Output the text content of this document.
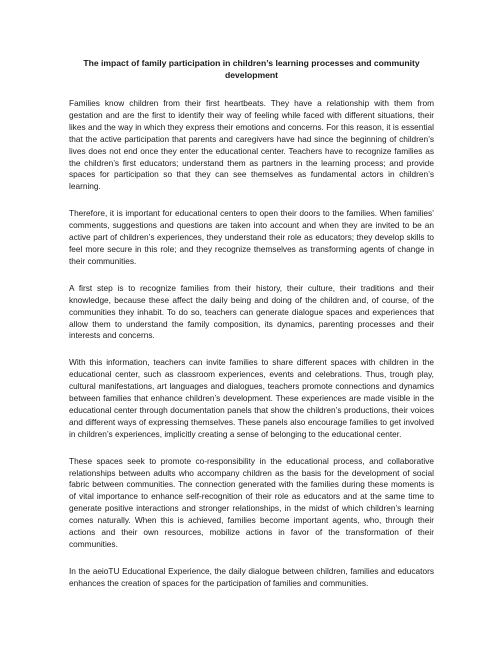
The impact of family participation in children’s learning processes and community development

Families know children from their first heartbeats. They have a relationship with them from gestation and are the first to identify their way of feeling while faced with different situations, their likes and the way in which they express their emotions and concerns. For this reason, it is essential that the active participation that parents and caregivers have had since the beginning of children’s lives does not end once they enter the educational center. Teachers have to recognize families as the children’s first educators; understand them as partners in the learning process; and provide spaces for participation so that they can see themselves as fundamental actors in children’s learning.

Therefore, it is important for educational centers to open their doors to the families. When families’ comments, suggestions and questions are taken into account and when they are invited to be an active part of children’s experiences, they understand their role as educators; they develop skills to feel more secure in this role; and they recognize themselves as transforming agents of change in their communities.

A first step is to recognize families from their history, their culture, their traditions and their knowledge, because these affect the daily being and doing of the children and, of course, of the communities they inhabit. To do so, teachers can generate dialogue spaces and experiences that allow them to understand the family composition, its dynamics, parenting processes and their interests and concerns.

With this information, teachers can invite families to share different spaces with children in the educational center, such as classroom experiences, events and celebrations. Thus, trough play, cultural manifestations, art languages and dialogues, teachers promote connections and dynamics between families that enhance children’s development. These experiences are made visible in the educational center through documentation panels that show the children’s productions, their voices and different ways of expressing themselves. These panels also encourage families to get involved in children’s experiences, implicitly creating a sense of belonging to the educational center.

These spaces seek to promote co-responsibility in the educational process, and collaborative relationships between adults who accompany children as the basis for the development of social fabric between communities. The connection generated with the families during these moments is of vital importance to enhance self-recognition of their role as educators and at the same time to generate positive interactions and stronger relationships, in the midst of which children’s learning comes naturally. When this is achieved, families become important agents, who, through their actions and their own resources, mobilize actions in favor of the transformation of their communities.

In the aeioTU Educational Experience, the daily dialogue between children, families and educators enhances the creation of spaces for the participation of families and communities.
